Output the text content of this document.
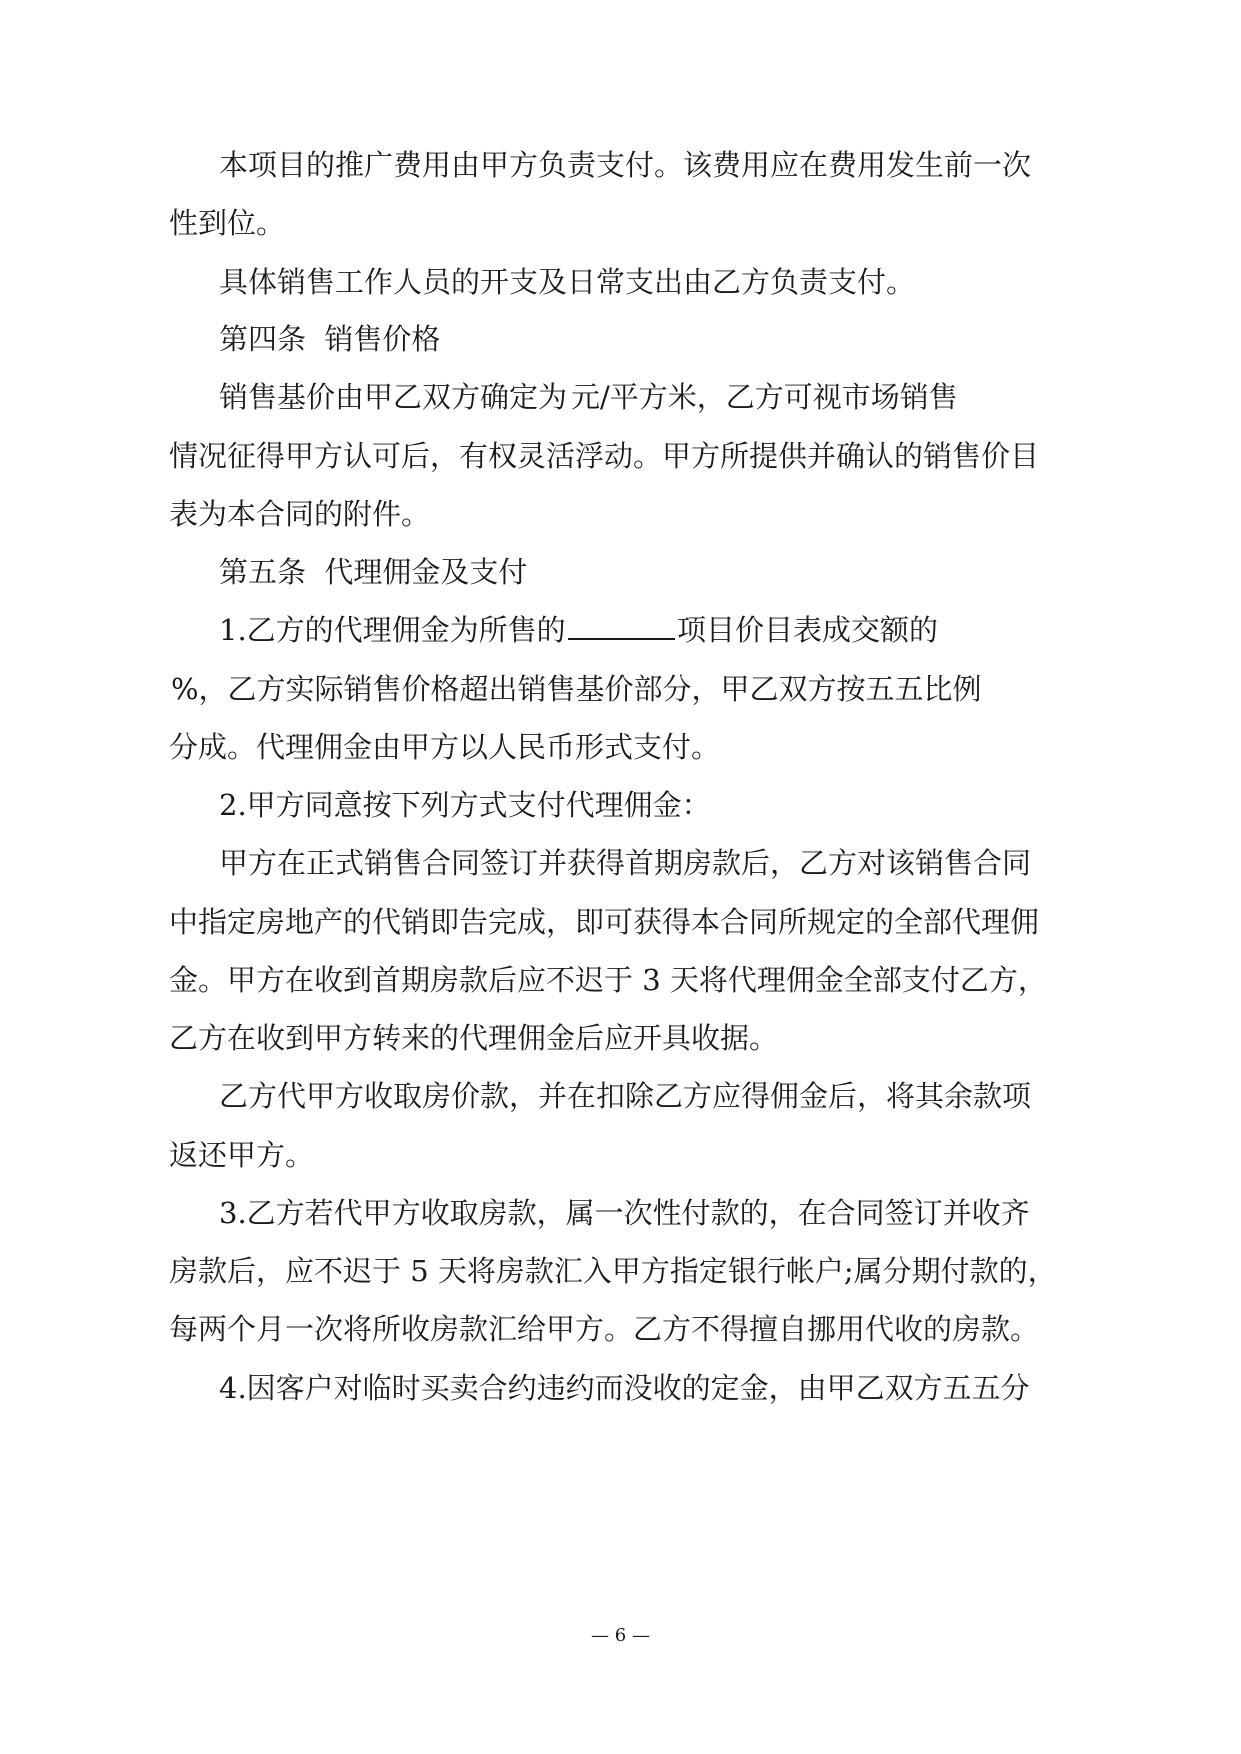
本项目的推广费用由甲方负责支付。该费用应在费用发生前一次

性到位。

具体销售工作人员的开支及日常支出由乙方负责支付。

第四条  销售价格

销售基价由甲乙双方确定为 元/平方米，乙方可视市场销售

情况征得甲方认可后，有权灵活浮动。甲方所提供并确认的销售价目

表为本合同的附件。

第五条  代理佣金及支付

1.乙方的代理佣金为所售的	项目价目表成交额的

%，乙方实际销售价格超出销售基价部分，甲乙双方按五五比例

分成。代理佣金由甲方以人民币形式支付。

2.甲方同意按下列方式支付代理佣金：

甲方在正式销售合同签订并获得首期房款后，乙方对该销售合同

中指定房地产的代销即告完成，即可获得本合同所规定的全部代理佣

金。甲方在收到首期房款后应不迟于 3 天将代理佣金全部支付乙方，

乙方在收到甲方转来的代理佣金后应开具收据。

乙方代甲方收取房价款，并在扣除乙方应得佣金后，将其余款项

返还甲方。

3.乙方若代甲方收取房款，属一次性付款的，在合同签订并收齐

房款后，应不迟于 5 天将房款汇入甲方指定银行帐户;属分期付款的，

每两个月一次将所收房款汇给甲方。乙方不得擅自挪用代收的房款。

4.因客户对临时买卖合约违约而没收的定金，由甲乙双方五五分

— 6 —
